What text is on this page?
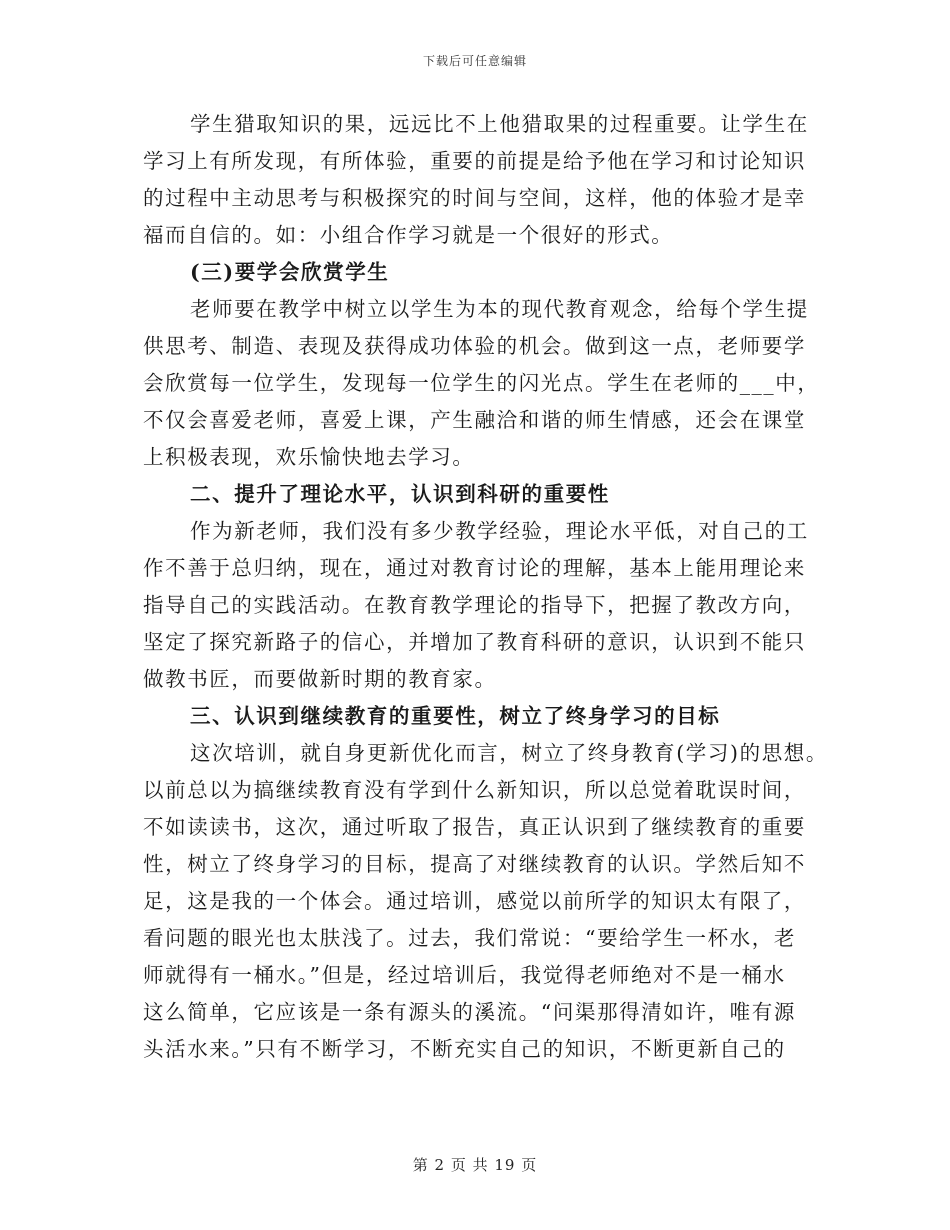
下载后可任意编辑
学生猎取知识的果，远远比不上他猎取果的过程重要。让学生在
学习上有所发现，有所体验，重要的前提是给予他在学习和讨论知识
的过程中主动思考与积极探究的时间与空间，这样，他的体验才是幸
福而自信的。如：小组合作学习就是一个很好的形式。
(三)要学会欣赏学生
老师要在教学中树立以学生为本的现代教育观念，给每个学生提
供思考、制造、表现及获得成功体验的机会。做到这一点，老师要学
会欣赏每一位学生，发现每一位学生的闪光点。学生在老师的___中，
不仅会喜爱老师，喜爱上课，产生融洽和谐的师生情感，还会在课堂
上积极表现，欢乐愉快地去学习。
二、提升了理论水平，认识到科研的重要性
作为新老师，我们没有多少教学经验，理论水平低，对自己的工
作不善于总归纳，现在，通过对教育讨论的理解，基本上能用理论来
指导自己的实践活动。在教育教学理论的指导下，把握了教改方向，
坚定了探究新路子的信心，并增加了教育科研的意识，认识到不能只
做教书匠，而要做新时期的教育家。
三、认识到继续教育的重要性，树立了终身学习的目标
这次培训，就自身更新优化而言，树立了终身教育(学习)的思想。
以前总以为搞继续教育没有学到什么新知识，所以总觉着耽误时间，
不如读读书，这次，通过听取了报告，真正认识到了继续教育的重要
性，树立了终身学习的目标，提高了对继续教育的认识。学然后知不
足，这是我的一个体会。通过培训，感觉以前所学的知识太有限了，
看问题的眼光也太肤浅了。过去，我们常说：“要给学生一杯水，老
师就得有一桶水。”但是，经过培训后，我觉得老师绝对不是一桶水
这么简单，它应该是一条有源头的溪流。“问渠那得清如许，唯有源
头活水来。”只有不断学习，不断充实自己的知识，不断更新自己的
第 2 页 共 19 页
